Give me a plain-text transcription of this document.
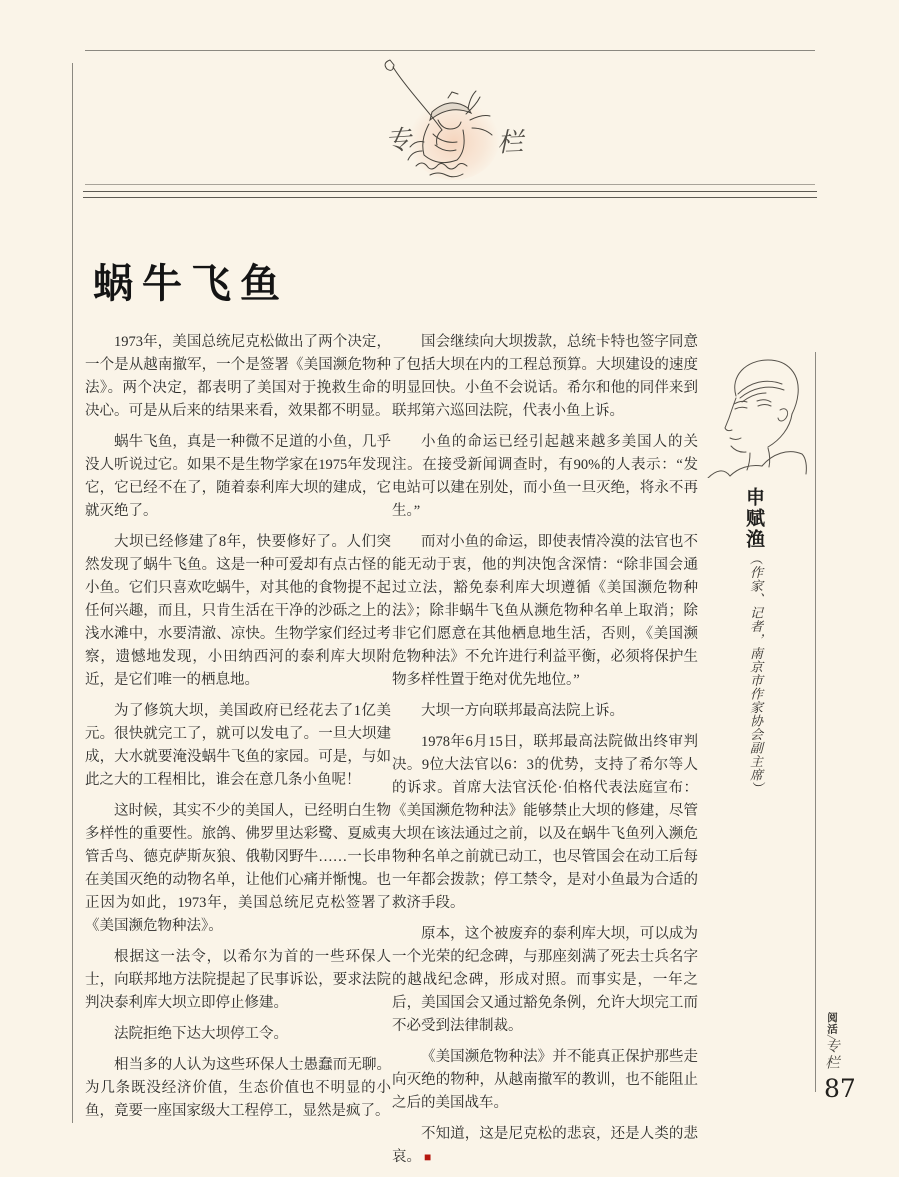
专	栏
蜗牛飞鱼

1973年，美国总统尼克松做出了两个决定，一个是从越南撤军，一个是签署《美国濒危物种法》。两个决定，都表明了美国对于挽救生命的决心。可是从后来的结果来看，效果都不明显。

蜗牛飞鱼，真是一种微不足道的小鱼，几乎没人听说过它。如果不是生物学家在1975年发现它，它已经不在了，随着泰利库大坝的建成，它就灭绝了。

大坝已经修建了8年，快要修好了。人们突然发现了蜗牛飞鱼。这是一种可爱却有点古怪的小鱼。它们只喜欢吃蜗牛，对其他的食物提不起任何兴趣，而且，只肯生活在干净的沙砾之上的浅水滩中，水要清澈、凉快。生物学家们经过考察，遗憾地发现，小田纳西河的泰利库大坝附近，是它们唯一的栖息地。

为了修筑大坝，美国政府已经花去了1亿美元。很快就完工了，就可以发电了。一旦大坝建成，大水就要淹没蜗牛飞鱼的家园。可是，与如此之大的工程相比，谁会在意几条小鱼呢！

这时候，其实不少的美国人，已经明白生物多样性的重要性。旅鸽、佛罗里达彩鹭、夏威夷管舌鸟、德克萨斯灰狼、俄勒冈野牛……一长串在美国灭绝的动物名单，让他们心痛并惭愧。也正因为如此，1973年，美国总统尼克松签署了《美国濒危物种法》。

根据这一法令，以希尔为首的一些环保人士，向联邦地方法院提起了民事诉讼，要求法院判决泰利库大坝立即停止修建。

法院拒绝下达大坝停工令。

相当多的人认为这些环保人士愚蠢而无聊。为几条既没经济价值，生态价值也不明显的小鱼，竟要一座国家级大工程停工，显然是疯了。

国会继续向大坝拨款，总统卡特也签字同意了包括大坝在内的工程总预算。大坝建设的速度明显回快。小鱼不会说话。希尔和他的同伴来到联邦第六巡回法院，代表小鱼上诉。

小鱼的命运已经引起越来越多美国人的关注。在接受新闻调查时，有90%的人表示：“发电站可以建在别处，而小鱼一旦灭绝，将永不再生。”

而对小鱼的命运，即使表情冷漠的法官也不能无动于衷，他的判决饱含深情：“除非国会通过立法，豁免泰利库大坝遵循《美国濒危物种法》；除非蜗牛飞鱼从濒危物种名单上取消；除非它们愿意在其他栖息地生活，否则，《美国濒危物种法》不允许进行利益平衡，必须将保护生物多样性置于绝对优先地位。”

大坝一方向联邦最高法院上诉。

1978年6月15日，联邦最高法院做出终审判决。9位大法官以6：3的优势，支持了希尔等人的诉求。首席大法官沃伦·伯格代表法庭宣布：《美国濒危物种法》能够禁止大坝的修建，尽管大坝在该法通过之前，以及在蜗牛飞鱼列入濒危物种名单之前就已动工，也尽管国会在动工后每一年都会拨款；停工禁令，是对小鱼最为合适的救济手段。

原本，这个被废弃的泰利库大坝，可以成为一个光荣的纪念碑，与那座刻满了死去士兵名字的越战纪念碑，形成对照。而事实是，一年之后，美国国会又通过豁免条例，允许大坝完工而不必受到法律制裁。

《美国濒危物种法》并不能真正保护那些走向灭绝的物种，从越南撤军的教训，也不能阻止之后的美国战车。

不知道，这是尼克松的悲哀，还是人类的悲哀。 ■

申赋渔
（作家、记者，南京市作家协会副主席）
阅活/专栏
87
